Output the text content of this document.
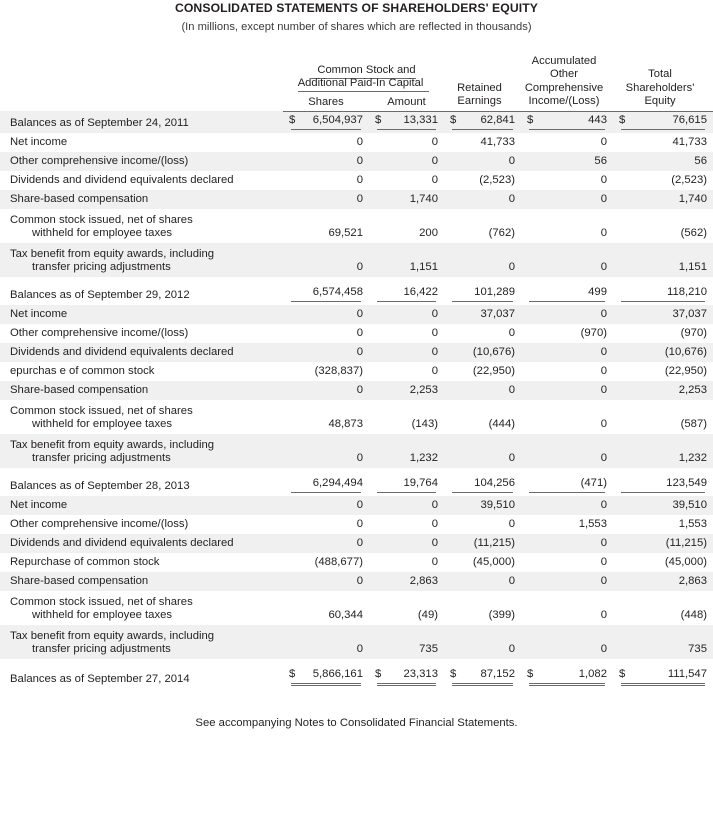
CONSOLIDATED STATEMENTS OF SHAREHOLDERS' EQUITY
(In millions, except number of shares which are reflected in thousands)
	Common Stock and
Additional Paid-In Capital		Retained
Earnings	Accumulated
Other
Comprehensive
Income/(Loss)	Total
Shareholders'
Equity
	Shares	Amount			
Balances as of September 24, 2011	$ 6,504,937	$ 13,331	$ 62,841	$ 443	$ 76,615

Net income	0	0	41,733	0	41,733
Other comprehensive income/(loss)	0	0	0	56	56
Dividends and dividend equivalents declared	0	0	(2,523)	0	(2,523)
Share-based compensation	0	1,740	0	0	1,740
Common stock issued, net of shares
withheld for employee taxes	69,521	200	(762)	0	(562)
Tax benefit from equity awards, including
transfer pricing adjustments	0	1,151	0	0	1,151
Balances as of September 29, 2012	6,574,458	16,422	101,289	499	118,210

Net income	0	0	37,037	0	37,037
Other comprehensive income/(loss)	0	0	0	(970)	(970)
Dividends and dividend equivalents declared	0	0	(10,676)	0	(10,676)
epurchas e of common stock	(328,837)	0	(22,950)	0	(22,950)
Share-based compensation	0	2,253	0	0	2,253
Common stock issued, net of shares
withheld for employee taxes	48,873	(143)	(444)	0	(587)
Tax benefit from equity awards, including
transfer pricing adjustments	0	1,232	0	0	1,232
Balances as of September 28, 2013	6,294,494	19,764	104,256	(471)	123,549

Net income	0	0	39,510	0	39,510
Other comprehensive income/(loss)	0	0	0	1,553	1,553
Dividends and dividend equivalents declared	0	0	(11,215)	0	(11,215)
Repurchase of common stock	(488,677)	0	(45,000)	0	(45,000)
Share-based compensation	0	2,863	0	0	2,863
Common stock issued, net of shares
withheld for employee taxes	60,344	(49)	(399)	0	(448)
Tax benefit from equity awards, including
transfer pricing adjustments	0	735	0	0	735
Balances as of September 27, 2014	$ 5,866,161	$ 23,313	$ 87,152	$ 1,082	$ 111,547
See accompanying Notes to Consolidated Financial Statements.
